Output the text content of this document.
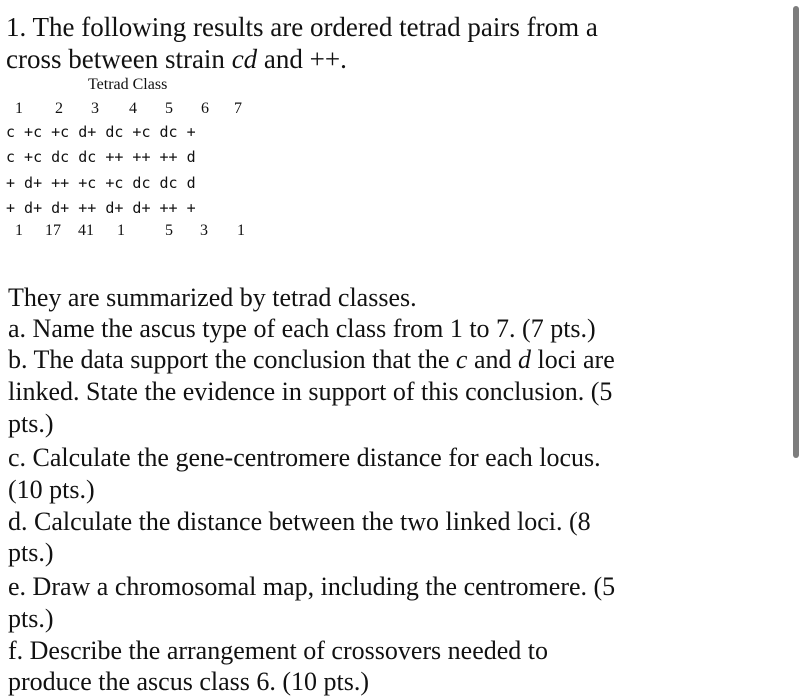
1. The following results are ordered tetrad pairs from a
cross between strain cd and ++.
Tetrad Class
1	2	3	4	5	6	7
c +c +c d+ dc +c dc +
c +c dc dc ++ ++ ++ d
+ d+ ++ +c +c dc dc d
+ d+ d+ ++ d+ d+ ++ +
1	17 41	1	5	3	1
They are summarized by tetrad classes.
a. Name the ascus type of each class from 1 to 7. (7 pts.)
b. The data support the conclusion that the c and d loci are
linked. State the evidence in support of this conclusion. (5
pts.)
c. Calculate the gene-centromere distance for each locus.
(10 pts.)
d. Calculate the distance between the two linked loci. (8
pts.)
e. Draw a chromosomal map, including the centromere. (5
pts.)
f. Describe the arrangement of crossovers needed to
produce the ascus class 6. (10 pts.)
